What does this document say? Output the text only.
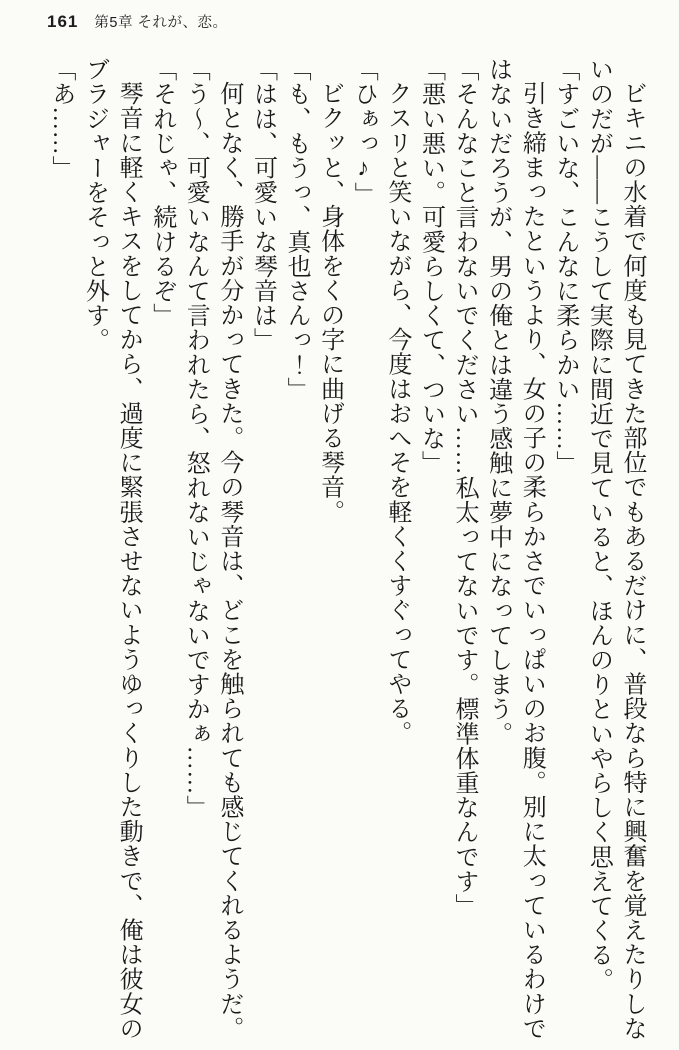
161 第5章 それが、恋。

ビキニの水着で何度も見てきた部位でもあるだけに、普段なら特に興奮を覚えたりしないのだが――こうして実際に間近で見ていると、ほんのりといやらしく思えてくる。

「すごいな、こんなに柔らかい……」

引き締まったというより、女の子の柔らかさでいっぱいのお腹。別に太っているわけではないだろうが、男の俺とは違う感触に夢中になってしまう。

「そんなこと言わないでください……私太ってないです。標準体重なんです」

「悪い悪い。可愛らしくて、ついな」

クスリと笑いながら、今度はおへそを軽くくすぐってやる。

「ひぁっ♪」

ビクッと、身体をくの字に曲げる琴音。

「も、もうっ、真也さんっ！」

「はは、可愛いな琴音は」

何となく、勝手が分かってきた。今の琴音は、どこを触られても感じてくれるようだ。

「う〜、可愛いなんて言われたら、怒れないじゃないですかぁ……」

「それじゃ、続けるぞ」

琴音に軽くキスをしてから、過度に緊張させないようゆっくりした動きで、俺は彼女のブラジャーをそっと外す。

「あ……」
